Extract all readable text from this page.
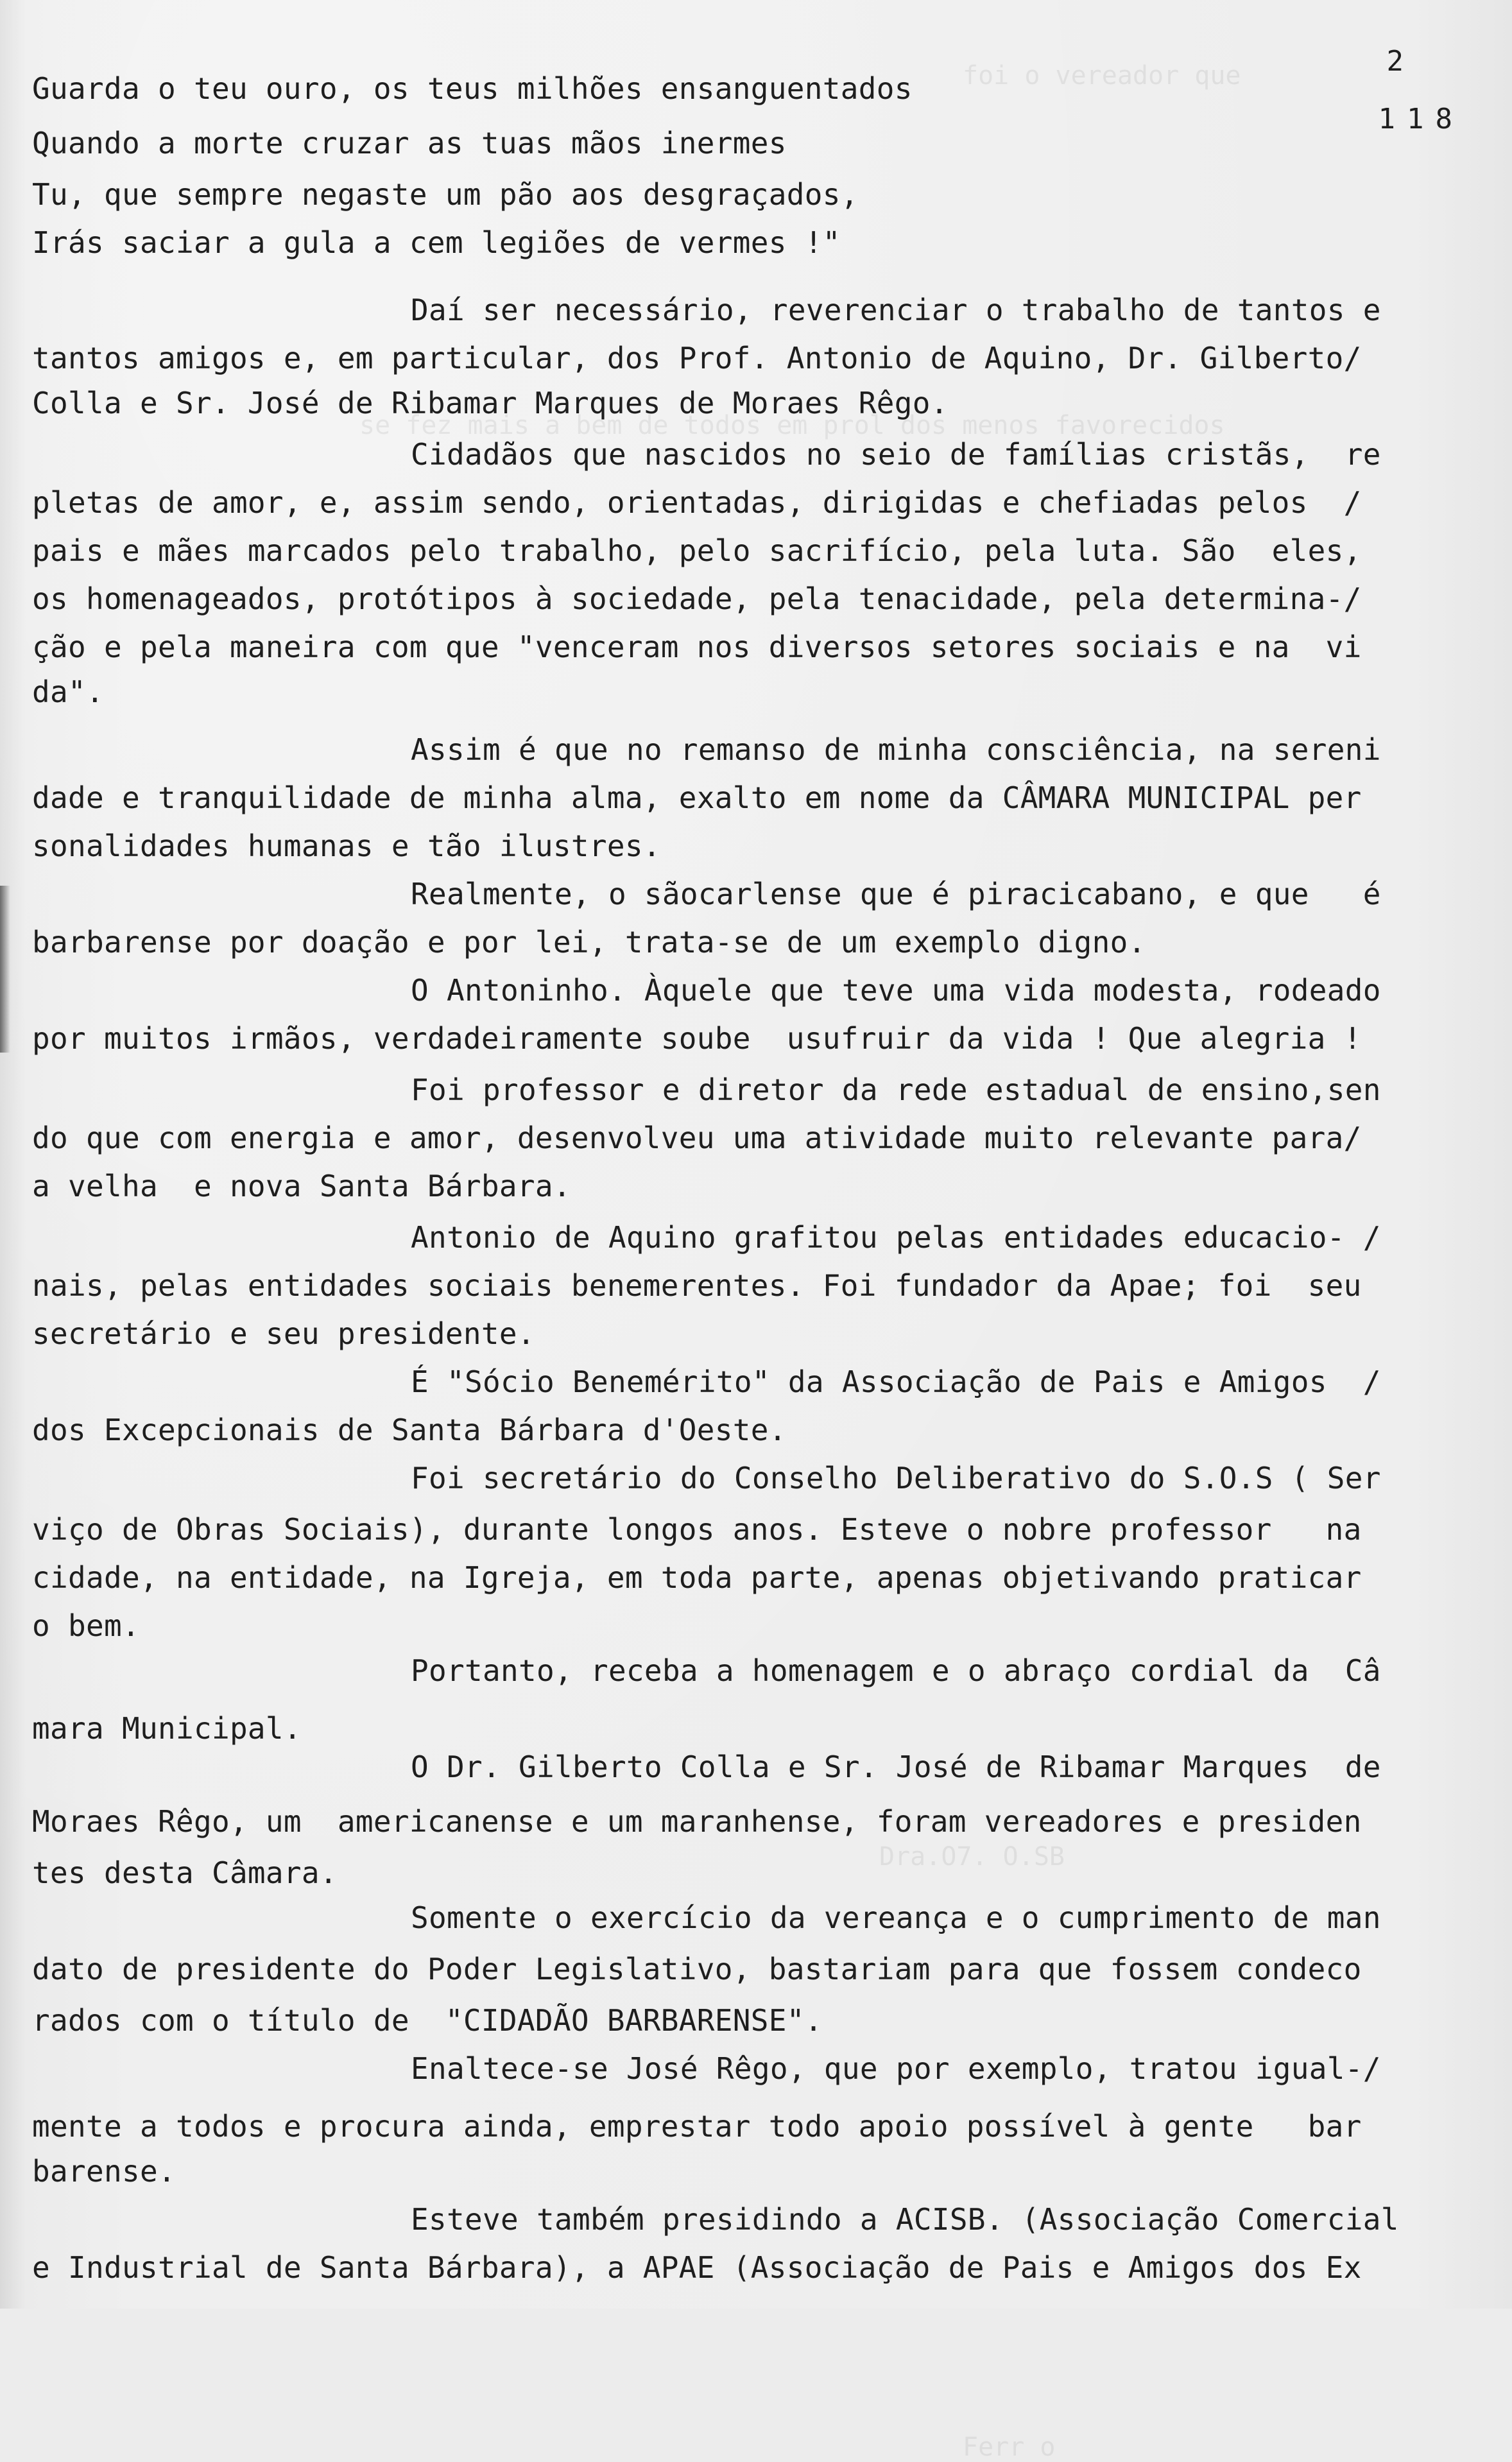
foi o vereador que
se fez mais a bem de todos em prol dos menos favorecidos
Dra.O7. O.SB
Ferr o
2
118
Guarda o teu ouro, os teus milhões ensanguentados
Quando a morte cruzar as tuas mãos inermes
Tu, que sempre negaste um pão aos desgraçados,
Irás saciar a gula a cem legiões de vermes !"
Daí ser necessário, reverenciar o trabalho de tantos e
tantos amigos e, em particular, dos Prof. Antonio de Aquino, Dr. Gilberto/
Colla e Sr. José de Ribamar Marques de Moraes Rêgo.
Cidadãos que nascidos no seio de famílias cristãs,  re
pletas de amor, e, assim sendo, orientadas, dirigidas e chefiadas pelos  /
pais e mães marcados pelo trabalho, pelo sacrifício, pela luta. São  eles,
os homenageados, protótipos à sociedade, pela tenacidade, pela determina-/
ção e pela maneira com que "venceram nos diversos setores sociais e na  vi
da".
Assim é que no remanso de minha consciência, na sereni
dade e tranquilidade de minha alma, exalto em nome da CÂMARA MUNICIPAL per
sonalidades humanas e tão ilustres.
Realmente, o sãocarlense que é piracicabano, e que   é
barbarense por doação e por lei, trata-se de um exemplo digno.
O Antoninho. Àquele que teve uma vida modesta, rodeado
por muitos irmãos, verdadeiramente soube  usufruir da vida ! Que alegria !
Foi professor e diretor da rede estadual de ensino,sen
do que com energia e amor, desenvolveu uma atividade muito relevante para/
a velha  e nova Santa Bárbara.
Antonio de Aquino grafitou pelas entidades educacio- /
nais, pelas entidades sociais benemerentes. Foi fundador da Apae; foi  seu
secretário e seu presidente.
É "Sócio Benemérito" da Associação de Pais e Amigos  /
dos Excepcionais de Santa Bárbara d'Oeste.
Foi secretário do Conselho Deliberativo do S.O.S ( Ser
viço de Obras Sociais), durante longos anos. Esteve o nobre professor   na
cidade, na entidade, na Igreja, em toda parte, apenas objetivando praticar
o bem.
Portanto, receba a homenagem e o abraço cordial da  Câ
mara Municipal.
O Dr. Gilberto Colla e Sr. José de Ribamar Marques  de
Moraes Rêgo, um  americanense e um maranhense, foram vereadores e presiden
tes desta Câmara.
Somente o exercício da vereança e o cumprimento de man
dato de presidente do Poder Legislativo, bastariam para que fossem condeco
rados com o título de  "CIDADÃO BARBARENSE".
Enaltece-se José Rêgo, que por exemplo, tratou igual-/
mente a todos e procura ainda, emprestar todo apoio possível à gente   bar
barense.
Esteve também presidindo a ACISB. (Associação Comercial
e Industrial de Santa Bárbara), a APAE (Associação de Pais e Amigos dos Ex
